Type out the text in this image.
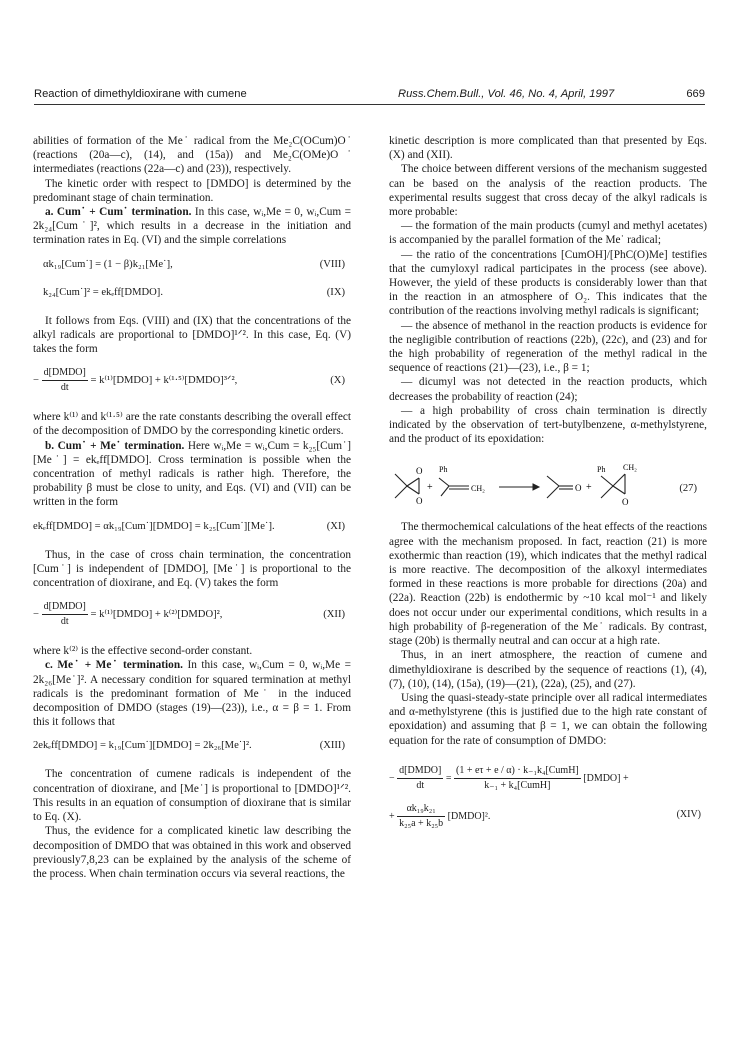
Reaction of dimethyldioxirane with cumene	Russ.Chem.Bull., Vol. 46, No. 4, April, 1997	669

abilities of formation of the Me˙ radical from the Me₂C(OCum)O˙ (reactions (20a—c), (14), and (15a)) and Me₂C(OMe)O˙ intermediates (reactions (22a—c) and (23)), respectively.

The kinetic order with respect to [DMDO] is determined by the predominant stage of chain termination.

a. Cum˙ + Cum˙ termination. In this case, wᵢ,Me = 0, wᵢ,Cum = 2k₂₄[Cum˙]², which results in a decrease in the initiation and termination rates in Eq. (VI) and the simple correlations

αk₁₉[Cum˙] = (1 − β)k₂₁[Me˙],	(VIII)
k₂₄[Cum˙]² = ekₑff[DMDO].	(IX)

It follows from Eqs. (VIII) and (IX) that the concentrations of the alkyl radicals are proportional to [DMDO]¹ᐟ². In this case, Eq. (V) takes the form

− $\frac{\text{d[DMDO]}}{dt}$ = k⁽¹⁾[DMDO] + k⁽¹·⁵⁾[DMDO]³ᐟ²,	(X)

where k⁽¹⁾ and k⁽¹·⁵⁾ are the rate constants describing the overall effect of the decomposition of DMDO by the corresponding kinetic orders.

b. Cum˙ + Me˙ termination. Here wᵢ,Me = wᵢ,Cum = k₂₅[Cum˙][Me˙] = ekₑff[DMDO]. Cross termination is possible when the concentration of methyl radicals is rather high. Therefore, the probability β must be close to unity, and Eqs. (VI) and (VII) can be written in the form

ekₑff[DMDO] = αk₁₉[Cum˙][DMDO] = k₂₅[Cum˙][Me˙].	(XI)

Thus, in the case of cross chain termination, the concentration [Cum˙] is independent of [DMDO], [Me˙] is proportional to the concentration of dioxirane, and Eq. (V) takes the form

− $\frac{\text{d[DMDO]}}{dt}$ = k⁽¹⁾[DMDO] + k⁽²⁾[DMDO]²,	(XII)

where k⁽²⁾ is the effective second-order constant.

c. Me˙ + Me˙ termination. In this case, wᵢ,Cum = 0, wᵢ,Me = 2k₂₆[Me˙]². A necessary condition for squared termination at methyl radicals is the predominant formation of Me˙ in the induced decomposition of DMDO (stages (19)—(23)), i.e., α = β = 1. From this it follows that

2ekₑff[DMDO] = k₁₉[Cum˙][DMDO] = 2k₂₆[Me˙]².	(XIII)

The concentration of cumene radicals is independent of the concentration of dioxirane, and [Me˙] is proportional to [DMDO]¹ᐟ². This results in an equation of consumption of dioxirane that is similar to Eq. (X).

Thus, the evidence for a complicated kinetic law describing the decomposition of DMDO that was obtained in this work and observed previously7,8,23 can be explained by the analysis of the scheme of the process. When chain termination occurs via several reactions, the

kinetic description is more complicated than that presented by Eqs. (X) and (XII).

The choice between different versions of the mechanism suggested can be based on the analysis of the reaction products. The experimental results suggest that cross decay of the alkyl radicals is more probable:

— the formation of the main products (cumyl and methyl acetates) is accompanied by the parallel formation of the Me˙ radical;

— the ratio of the concentrations [CumOH]/[PhC(O)Me] testifies that the cumyloxyl radical participates in the process (see above). However, the yield of these products is considerably lower than that in the reaction in an atmosphere of O₂. This indicates that the contribution of the reactions involving methyl radicals is significant;

— the absence of methanol in the reaction products is evidence for the negligible contribution of reactions (22b), (22c), and (23) and for the high probability of regeneration of the methyl radical in the sequence of reactions (21)—(23), i.e., β = 1;

— dicumyl was not detected in the reaction products, which decreases the probability of reaction (24);

— a high probability of cross chain termination is directly indicated by the observation of tert-butylbenzene, α-methylstyrene, and the product of its epoxidation:

O
O
+
Ph
CH₂	O +
Ph CH₂
O
(27)

The thermochemical calculations of the heat effects of the reactions agree with the mechanism proposed. In fact, reaction (21) is more exothermic than reaction (19), which indicates that the methyl radical is more reactive. The decomposition of the alkoxyl intermediates formed in these reactions is more probable for directions (20a) and (22a). Reaction (22b) is endothermic by ~10 kcal mol⁻¹ and likely does not occur under our experimental conditions, which results in a high probability of β-regeneration of the Me˙ radicals. By contrast, stage (20b) is thermally neutral and can occur at a high rate.

Thus, in an inert atmosphere, the reaction of cumene and dimethyldioxirane is described by the sequence of reactions (1), (4), (7), (10), (14), (15a), (19)—(21), (22a), (25), and (27).

Using the quasi-steady-state principle over all radical intermediates and α-methylstyrene (this is justified due to the high rate constant of epoxidation) and assuming that β = 1, we can obtain the following equation for the rate of consumption of DMDO:

− $\frac{\text{d[DMDO]}}{dt} = \frac{\text{(1 + eτ + e / α) · k₋₁k₄[CumH]}}{\text{k₋₁ + k₄[CumH]}}$ [DMDO] +
+ $\frac{\text{αk₁₉k₂₁}}{\text{k₂₅a + k₂₅b}}$ [DMDO]².	(XIV)
